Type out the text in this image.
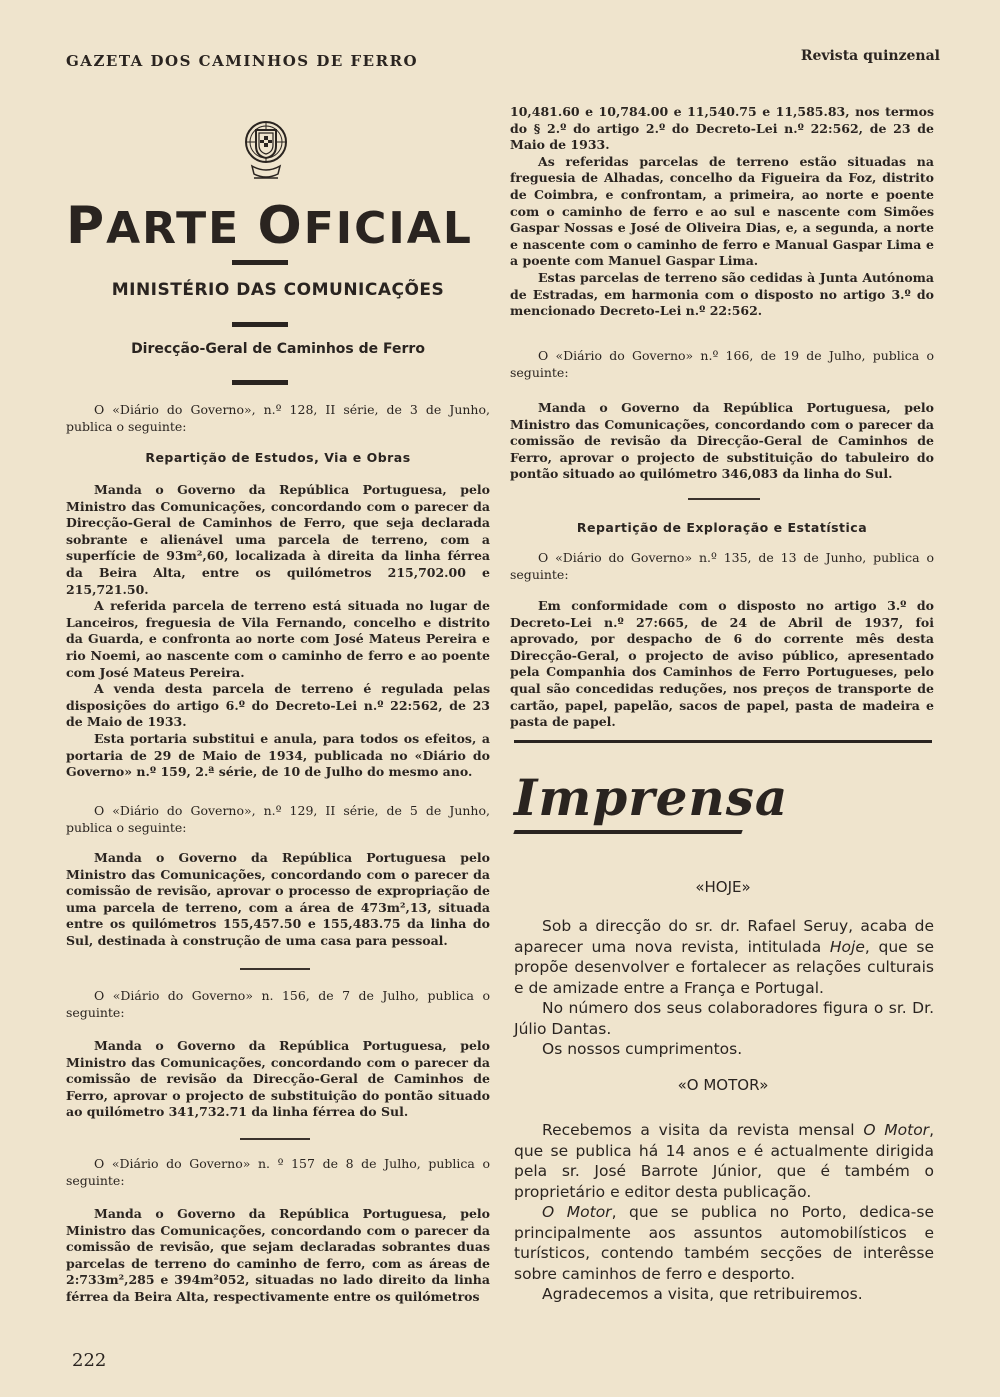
GAZETA DOS CAMINHOS DE FERRO	Revista quinzenal
PARTE OFICIAL
MINISTÉRIO DAS COMUNICAÇÕES
Direcção-Geral de Caminhos de Ferro

O «Diário do Governo», n.º 128, II série, de 3 de Junho, publica o seguinte:

Repartição de Estudos, Via e Obras

Manda o Governo da República Portuguesa, pelo Ministro das Comunicações, concordando com o parecer da Direcção-Geral de Caminhos de Ferro, que seja declarada sobrante e alienável uma parcela de terreno, com a superfície de 93m²,60, localizada à direita da linha férrea da Beira Alta, entre os quilómetros 215,702.00 e 215,721.50.

A referida parcela de terreno está situada no lugar de Lanceiros, freguesia de Vila Fernando, concelho e distrito da Guarda, e confronta ao norte com José Mateus Pereira e rio Noemi, ao nascente com o caminho de ferro e ao poente com José Mateus Pereira.

A venda desta parcela de terreno é regulada pelas disposições do artigo 6.º do Decreto-Lei n.º 22:562, de 23 de Maio de 1933.

Esta portaria substitui e anula, para todos os efeitos, a portaria de 29 de Maio de 1934, publicada no «Diário do Governo» n.º 159, 2.ª série, de 10 de Julho do mesmo ano.

O «Diário do Governo», n.º 129, II série, de 5 de Junho, publica o seguinte:

Manda o Governo da República Portuguesa pelo Ministro das Comunicações, concordando com o parecer da comissão de revisão, aprovar o processo de expropriação de uma parcela de terreno, com a área de 473m²,13, situada entre os quilómetros 155,457.50 e 155,483.75 da linha do Sul, destinada à construção de uma casa para pessoal.

O «Diário do Governo» n. 156, de 7 de Julho, publica o seguinte:

Manda o Governo da República Portuguesa, pelo Ministro das Comunicações, concordando com o parecer da comissão de revisão da Direcção-Geral de Caminhos de Ferro, aprovar o projecto de substituição do pontão situado ao quilómetro 341,732.71 da linha férrea do Sul.

O «Diário do Governo» n. º 157 de 8 de Julho, publica o seguinte:

Manda o Governo da República Portuguesa, pelo Ministro das Comunicações, concordando com o parecer da comissão de revisão, que sejam declaradas sobrantes duas parcelas de terreno do caminho de ferro, com as áreas de 2:733m²,285 e 394m²052, situadas no lado direito da linha férrea da Beira Alta, respectivamente entre os quilómetros

10,481.60 e 10,784.00 e 11,540.75 e 11,585.83, nos termos do § 2.º do artigo 2.º do Decreto-Lei n.º 22:562, de 23 de Maio de 1933.

As referidas parcelas de terreno estão situadas na freguesia de Alhadas, concelho da Figueira da Foz, distrito de Coimbra, e confrontam, a primeira, ao norte e poente com o caminho de ferro e ao sul e nascente com Simões Gaspar Nossas e José de Oliveira Dias, e, a segunda, a norte e nascente com o caminho de ferro e Manual Gaspar Lima e a poente com Manuel Gaspar Lima.

Estas parcelas de terreno são cedidas à Junta Autónoma de Estradas, em harmonia com o disposto no artigo 3.º do mencionado Decreto-Lei n.º 22:562.

O «Diário do Governo» n.º 166, de 19 de Julho, publica o seguinte:

Manda o Governo da República Portuguesa, pelo Ministro das Comunicações, concordando com o parecer da comissão de revisão da Direcção-Geral de Caminhos de Ferro, aprovar o projecto de substituição do tabuleiro do pontão situado ao quilómetro 346,083 da linha do Sul.

Repartição de Exploração e Estatística

O «Diário do Governo» n.º 135, de 13 de Junho, publica o seguinte:

Em conformidade com o disposto no artigo 3.º do Decreto-Lei n.º 27:665, de 24 de Abril de 1937, foi aprovado, por despacho de 6 do corrente mês desta Direcção-Geral, o projecto de aviso público, apresentado pela Companhia dos Caminhos de Ferro Portugueses, pelo qual são concedidas reduções, nos preços de transporte de cartão, papel, papelão, sacos de papel, pasta de madeira e pasta de papel.

Imprensa
«HOJE»

Sob a direcção do sr. dr. Rafael Seruy, acaba de aparecer uma nova revista, intitulada Hoje, que se propõe desenvolver e fortalecer as relações culturais e de amizade entre a França e Portugal.

No número dos seus colaboradores figura o sr. Dr. Júlio Dantas.

Os nossos cumprimentos.

«O MOTOR»

Recebemos a visita da revista mensal O Motor, que se publica há 14 anos e é actualmente dirigida pela sr. José Barrote Júnior, que é também o proprietário e editor desta publicação.

O Motor, que se publica no Porto, dedica-se principalmente aos assuntos automobilísticos e turísticos, contendo também secções de interêsse sobre caminhos de ferro e desporto.

Agradecemos a visita, que retribuiremos.

222
